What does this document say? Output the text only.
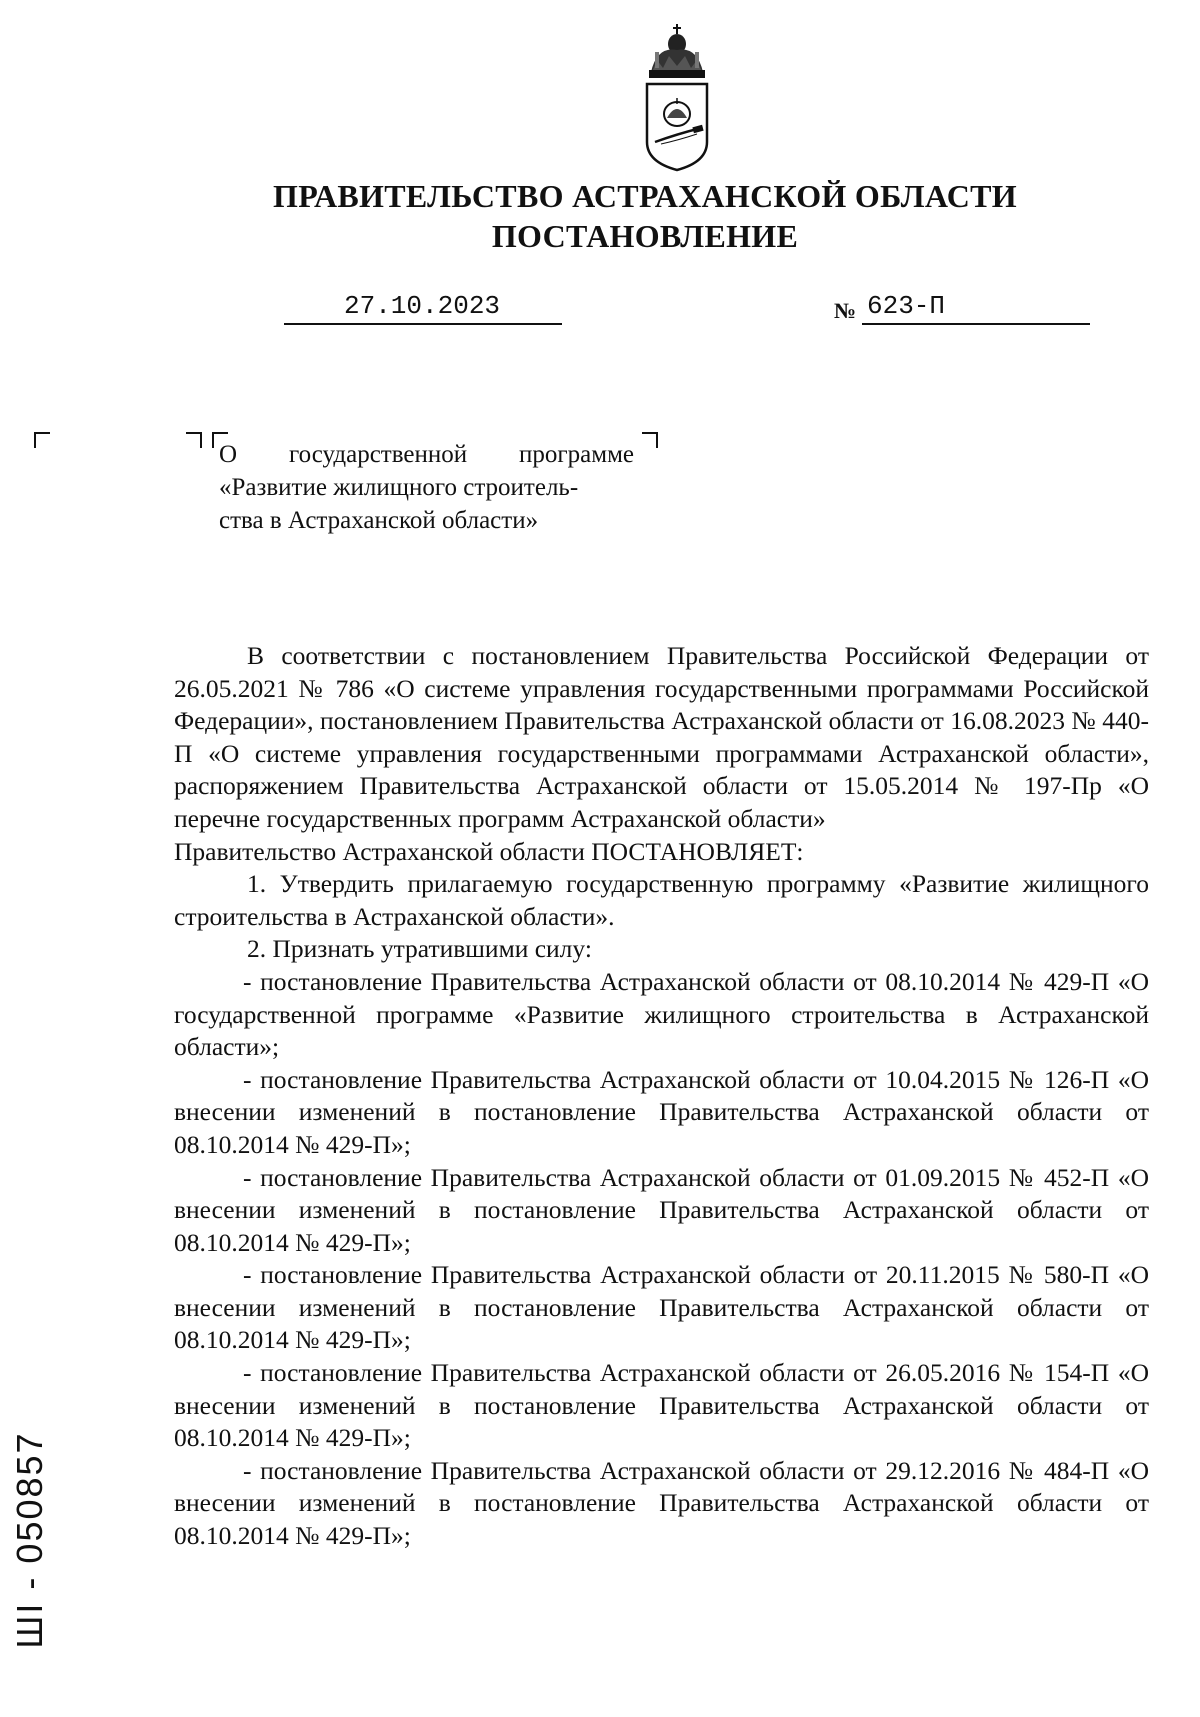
ПРАВИТЕЛЬСТВО АСТРАХАНСКОЙ ОБЛАСТИ
ПОСТАНОВЛЕНИЕ
27.10.2023	№ 623-П
О государственной программе
«Развитие жилищного строитель-
ства в Астраханской области»

В соответствии с постановлением Правительства Российской Федерации от 26.05.2021 № 786 «О системе управления государственными программами Российской Федерации», постановлением Правительства Астраханской области от 16.08.2023 № 440-П «О системе управления государственными программами Астраханской области», распоряжением Правительства Астраханской области от 15.05.2014 № 197-Пр «О перечне государственных программ Астраханской области»

Правительство Астраханской области ПОСТАНОВЛЯЕТ:

1. Утвердить прилагаемую государственную программу «Развитие жилищного строительства в Астраханской области».

2. Признать утратившими силу:

- постановление Правительства Астраханской области от 08.10.2014 № 429-П «О государственной программе «Развитие жилищного строительства в Астраханской области»;

- постановление Правительства Астраханской области от 10.04.2015 № 126-П «О внесении изменений в постановление Правительства Астраханской области от 08.10.2014 № 429-П»;

- постановление Правительства Астраханской области от 01.09.2015 № 452-П «О внесении изменений в постановление Правительства Астраханской области от 08.10.2014 № 429-П»;

- постановление Правительства Астраханской области от 20.11.2015 № 580-П «О внесении изменений в постановление Правительства Астраханской области от 08.10.2014 № 429-П»;

- постановление Правительства Астраханской области от 26.05.2016 № 154-П «О внесении изменений в постановление Правительства Астраханской области от 08.10.2014 № 429-П»;

- постановление Правительства Астраханской области от 29.12.2016 № 484-П «О внесении изменений в постановление Правительства Астраханской области от 08.10.2014 № 429-П»;

ШI - 050857
